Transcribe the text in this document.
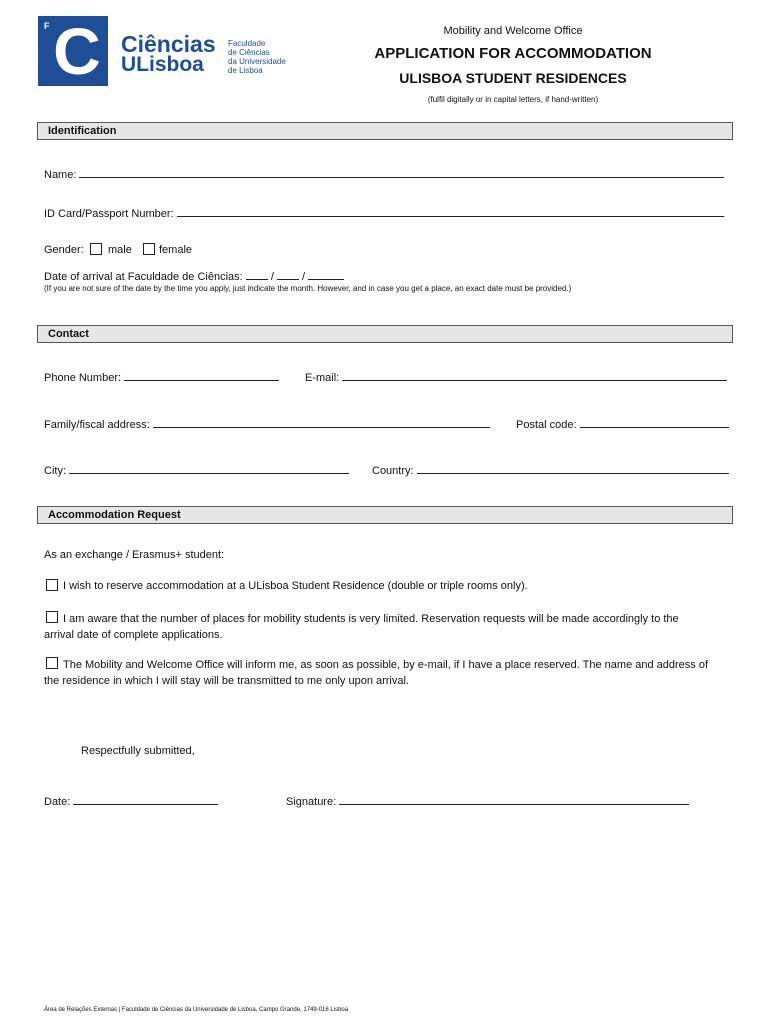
F C Ciências
ULisboa
Faculdade
de Ciências
da Universidade
de Lisboa
Mobility and Welcome Office
APPLICATION FOR ACCOMMODATION
ULISBOA STUDENT RESIDENCES
(fulfil digitally or in capital letters, if hand-written)
Identification
Name:
ID Card/Passport Number:
Gender: male female
Date of arrival at Faculdade de Ciências:	/	/
(If you are not sure of the date by the time you apply, just indicate the month. However, and in case you get a place, an exact date must be provided.)
Contact
Phone Number:	E-mail:
Family/fiscal address:	Postal code:
City:	Country:
Accommodation Request
As an exchange / Erasmus+ student:
I wish to reserve accommodation at a ULisboa Student Residence (double or triple rooms only).
I am aware that the number of places for mobility students is very limited. Reservation requests will be made accordingly to the
arrival date of complete applications.
The Mobility and Welcome Office will inform me, as soon as possible, by e-mail, if I have a place reserved. The name and address of
the residence in which I will stay will be transmitted to me only upon arrival.
Respectfully submitted,
Date:	Signature:
Área de Relações Externas | Faculdade de Ciências da Universidade de Lisboa, Campo Grande, 1749-016 Lisboa
